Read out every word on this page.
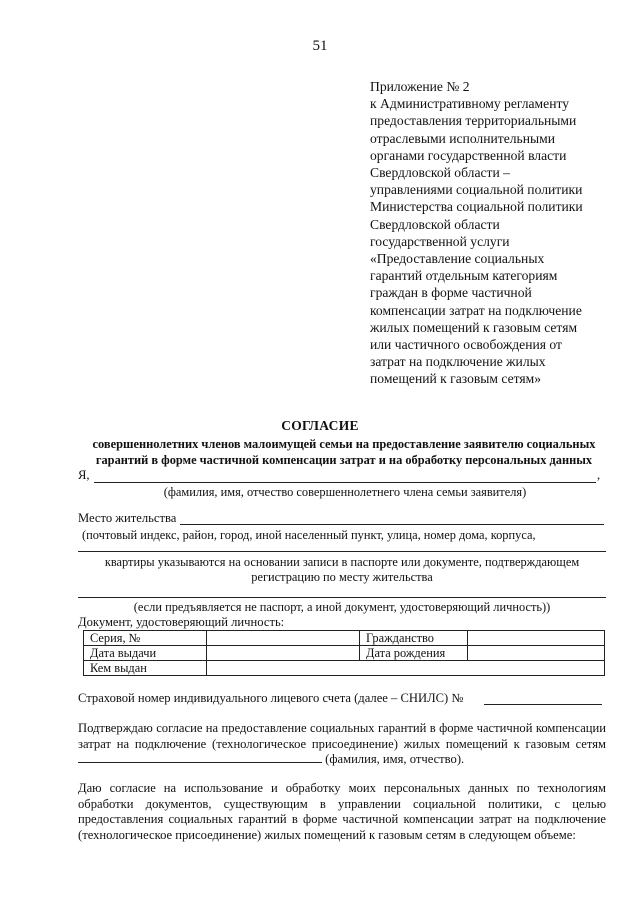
51
Приложение № 2
к Административному регламенту
предоставления территориальными
отраслевыми исполнительными
органами государственной власти
Свердловской области –
управлениями социальной политики
Министерства социальной политики
Свердловской области
государственной услуги
«Предоставление социальных
гарантий отдельным категориям
граждан в форме частичной
компенсации затрат на подключение
жилых помещений к газовым сетям
или частичного освобождения от
затрат на подключение жилых
помещений к газовым сетям»
СОГЛАСИЕ
совершеннолетних членов малоимущей семьи на предоставление заявителю социальных
гарантий в форме частичной компенсации затрат и на обработку персональных данных
Я,	,
(фамилия, имя, отчество совершеннолетнего члена семьи заявителя)
Место жительства
(почтовый индекс, район, город, иной населенный пункт, улица, номер дома, корпуса,
квартиры указываются на основании записи в паспорте или документе, подтверждающем
регистрацию по месту жительства
(если предъявляется не паспорт, а иной документ, удостоверяющий личность))
Документ, удостоверяющий личность:
Серия, №		Гражданство	
Дата выдачи		Дата рождения	
Кем выдан			
Страховой номер индивидуального лицевого счета (далее – СНИЛС) №
Подтверждаю согласие на предоставление социальных гарантий в форме частичной компенсации
затрат на подключение (технологическое присоединение) жилых помещений к газовым сетям
(фамилия, имя, отчество).
Даю согласие на использование и обработку моих персональных данных по технологиям
обработки документов, существующим в управлении социальной политики, с целью
предоставления социальных гарантий в форме частичной компенсации затрат на подключение
(технологическое присоединение) жилых помещений к газовым сетям в следующем объеме:
